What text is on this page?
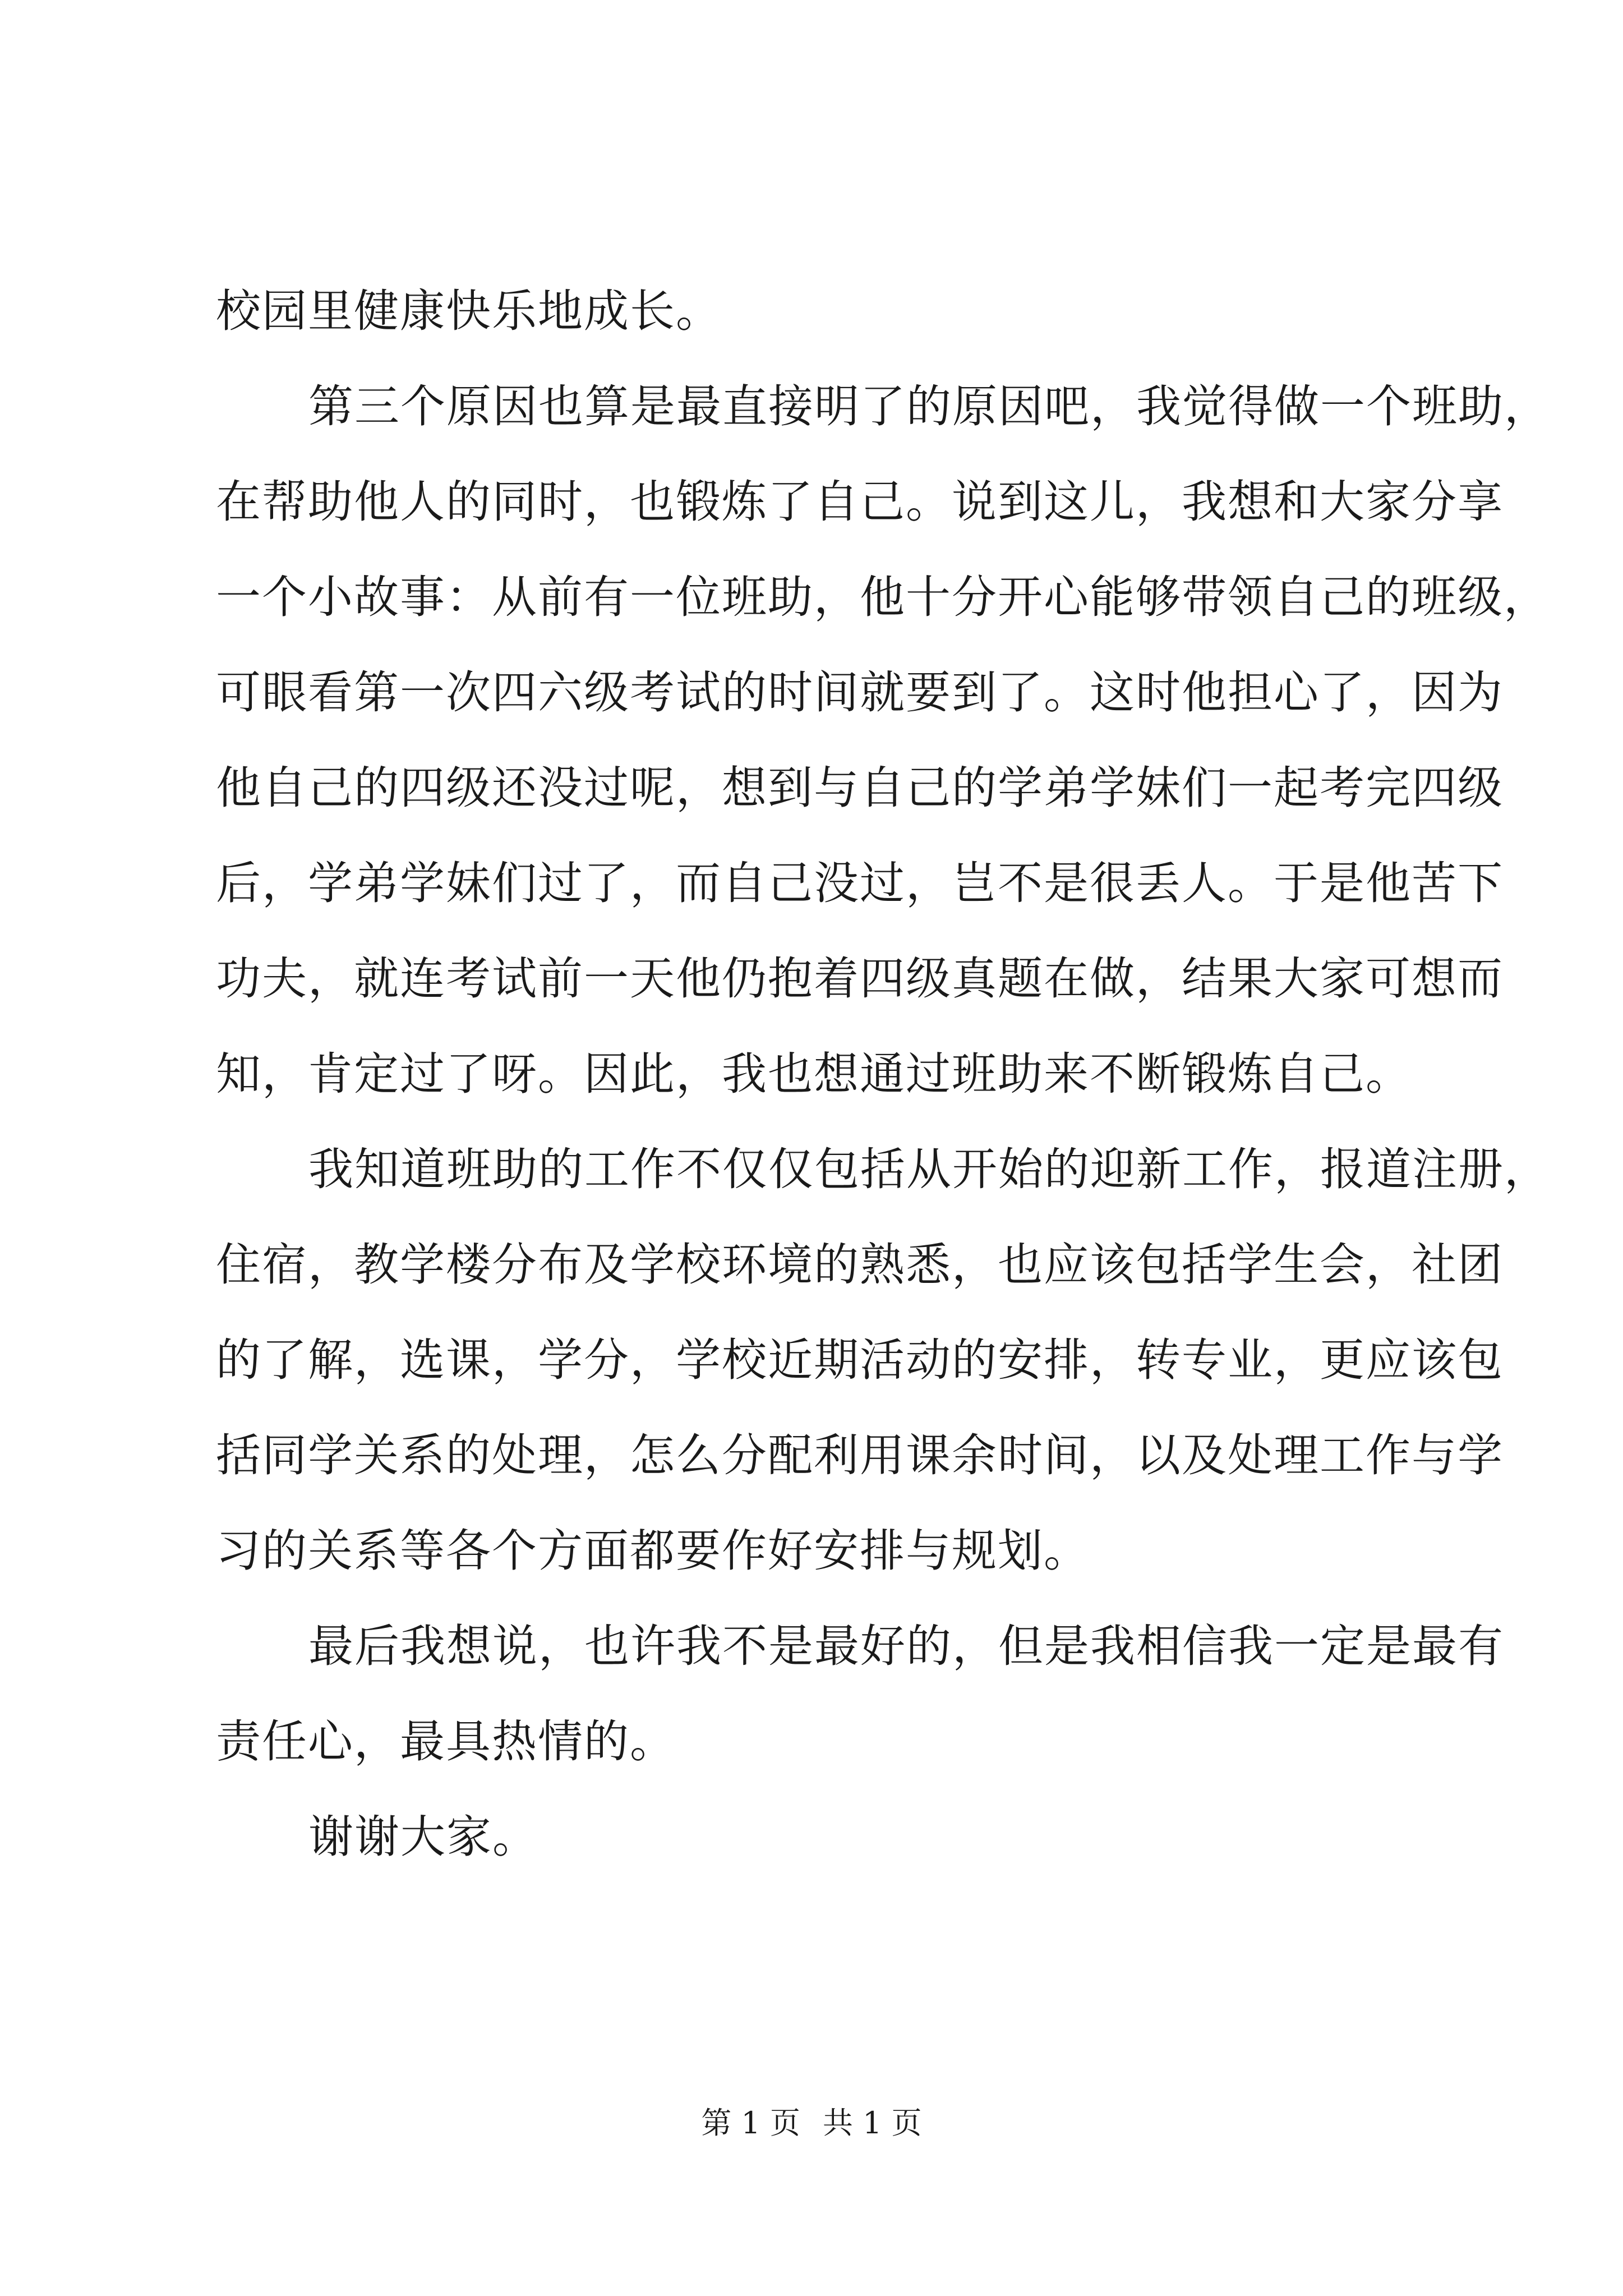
校园里健康快乐地成长。
第三个原因也算是最直接明了的原因吧，我觉得做一个班助，
在帮助他人的同时，也锻炼了自己。说到这儿，我想和大家分享
一个小故事：从前有一位班助，他十分开心能够带领自己的班级，
可眼看第一次四六级考试的时间就要到了。这时他担心了，因为
他自己的四级还没过呢，想到与自己的学弟学妹们一起考完四级
后，学弟学妹们过了，而自己没过，岂不是很丢人。于是他苦下
功夫，就连考试前一天他仍抱着四级真题在做，结果大家可想而
知，肯定过了呀。因此，我也想通过班助来不断锻炼自己。
我知道班助的工作不仅仅包括从开始的迎新工作，报道注册，
住宿，教学楼分布及学校环境的熟悉，也应该包括学生会，社团
的了解，选课，学分，学校近期活动的安排，转专业，更应该包
括同学关系的处理，怎么分配利用课余时间，以及处理工作与学
习的关系等各个方面都要作好安排与规划。
最后我想说，也许我不是最好的，但是我相信我一定是最有
责任心，最具热情的。
谢谢大家。
第 1 页 共 1 页
